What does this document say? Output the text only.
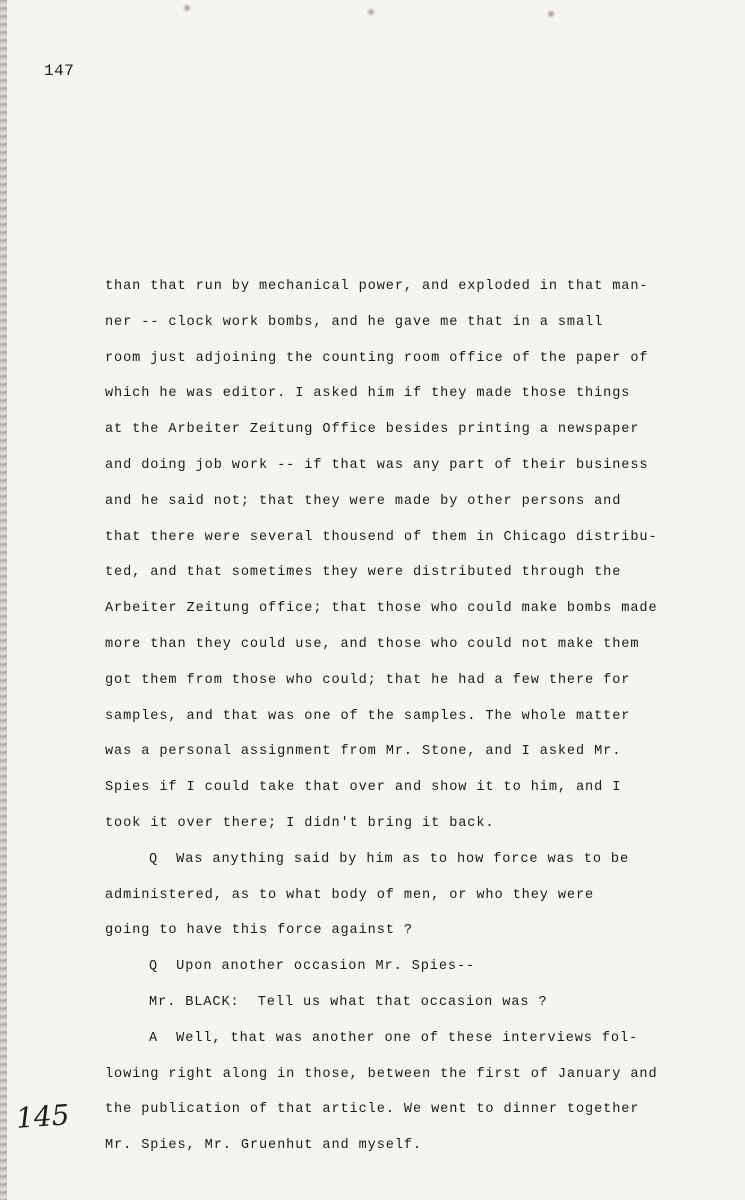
147
than that run by mechanical power, and exploded in that man-
ner -- clock work bombs, and he gave me that in a small
room just adjoining the counting room office of the paper of
which he was editor. I asked him if they made those things
at the Arbeiter Zeitung Office besides printing a newspaper
and doing job work -- if that was any part of their business
and he said not; that they were made by other persons and
that there were several thousend of them in Chicago distribu-
ted, and that sometimes they were distributed through the
Arbeiter Zeitung office; that those who could make bombs made
more than they could use, and those who could not make them
got them from those who could; that he had a few there for
samples, and that was one of the samples. The whole matter
was a personal assignment from Mr. Stone, and I asked Mr.
Spies if I could take that over and show it to him, and I
took it over there; I didn't bring it back.
Q  Was anything said by him as to how force was to be
administered, as to what body of men, or who they were
going to have this force against ?
Q  Upon another occasion Mr. Spies--
Mr. BLACK:  Tell us what that occasion was ?
A  Well, that was another one of these interviews fol-
lowing right along in those, between the first of January and
the publication of that article. We went to dinner together
Mr. Spies, Mr. Gruenhut and myself.
145
